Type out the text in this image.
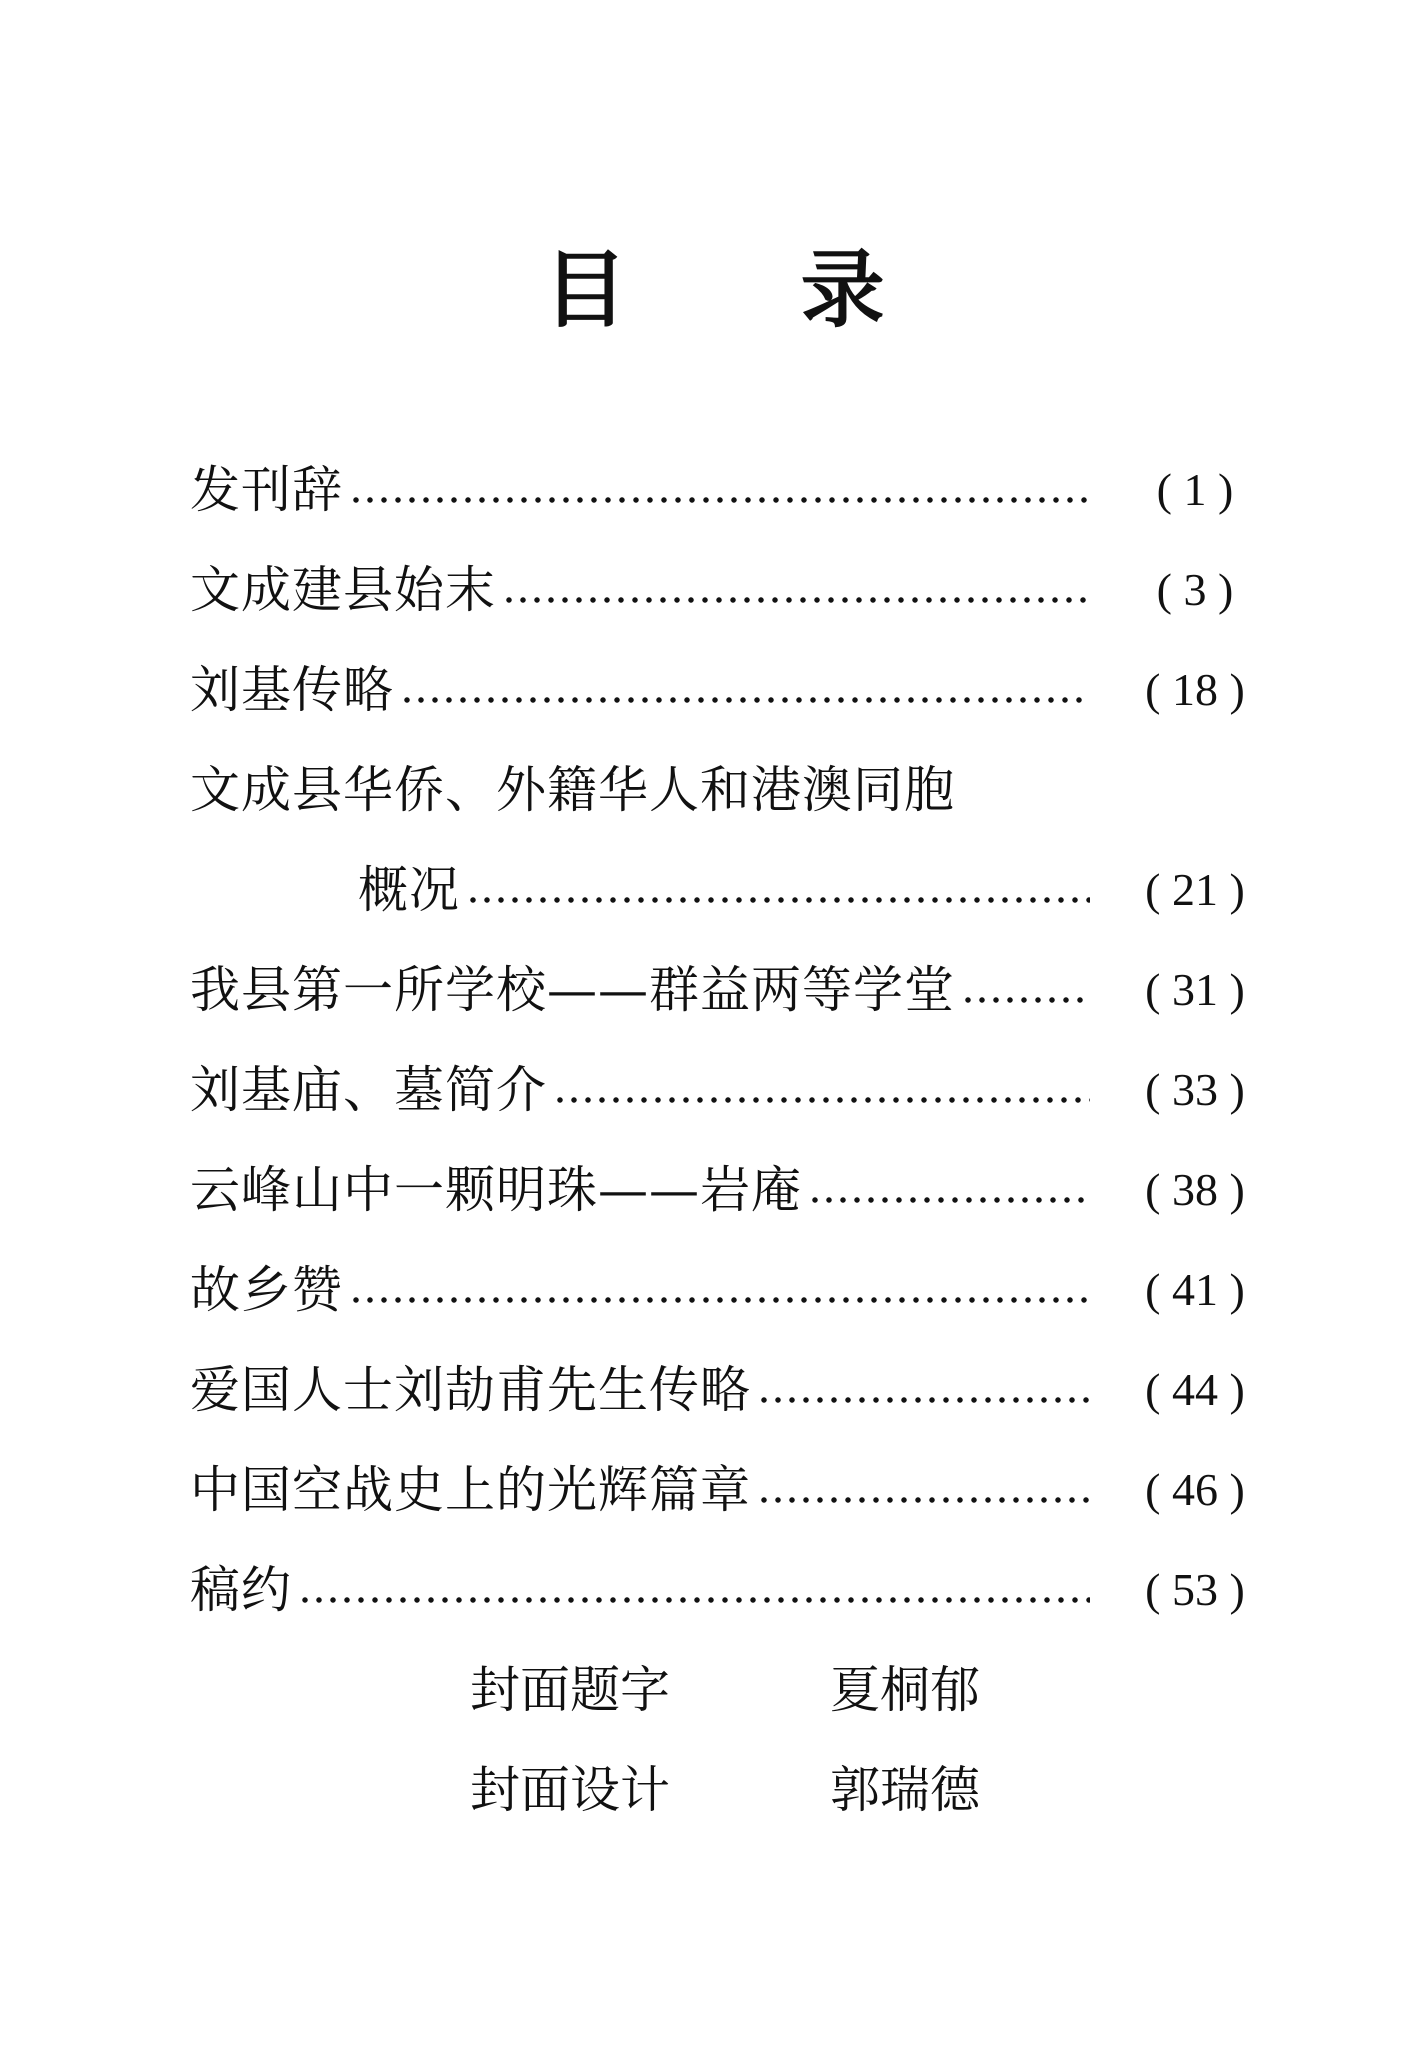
目 录
发刊辞	( 1 )
文成建县始末	( 3 )
刘基传略	( 18 )
文成县华侨、外籍华人和港澳同胞
概况	( 21 )
我县第一所学校——群益两等学堂	( 31 )
刘基庙、墓简介	( 33 )
云峰山中一颗明珠——岩庵	( 38 )
故乡赞	( 41 )
爱国人士刘劼甫先生传略	( 44 )
中国空战史上的光辉篇章	( 46 )
稿约	( 53 )
封面题字	夏桐郁
封面设计	郭瑞德
